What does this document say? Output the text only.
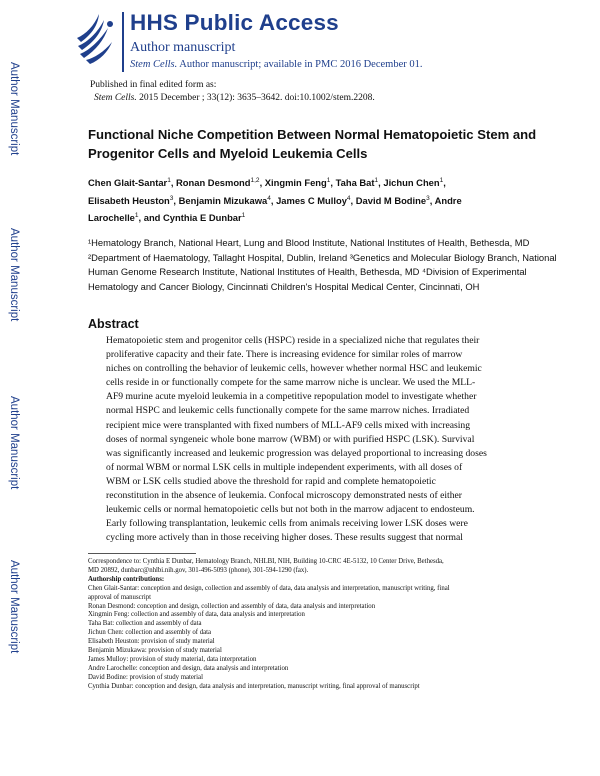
Author Manuscript
Author Manuscript
Author Manuscript
Author Manuscript
HHS Public Access
Author manuscript
Stem Cells. Author manuscript; available in PMC 2016 December 01.
Published in final edited form as:
Stem Cells. 2015 December ; 33(12): 3635–3642. doi:10.1002/stem.2208.
Functional Niche Competition Between Normal Hematopoietic Stem and Progenitor Cells and Myeloid Leukemia Cells
Chen Glait-Santar$^1$, Ronan Desmond$^{1,2}$, Xingmin Feng$^1$, Taha Bat$^1$, Jichun Chen$^1$,
Elisabeth Heuston$^3$, Benjamin Mizukawa$^4$, James C Mulloy$^4$, David M Bodine$^3$, Andre
Larochelle$^1$, and Cynthia E Dunbar$^1$
¹Hematology Branch, National Heart, Lung and Blood Institute, National Institutes of Health, Bethesda, MD ²Department of Haematology, Tallaght Hospital, Dublin, Ireland ³Genetics and Molecular Biology Branch, National Human Genome Research Institute, National Institutes of Health, Bethesda, MD ⁴Division of Experimental Hematology and Cancer Biology, Cincinnati Children's Hospital Medical Center, Cincinnati, OH
Abstract
Hematopoietic stem and progenitor cells (HSPC) reside in a specialized niche that regulates their
proliferative capacity and their fate. There is increasing evidence for similar roles of marrow
niches on controlling the behavior of leukemic cells, however whether normal HSC and leukemic
cells reside in or functionally compete for the same marrow niche is unclear. We used the MLL-
AF9 murine acute myeloid leukemia in a competitive repopulation model to investigate whether
normal HSPC and leukemic cells functionally compete for the same marrow niches. Irradiated
recipient mice were transplanted with fixed numbers of MLL-AF9 cells mixed with increasing
doses of normal syngeneic whole bone marrow (WBM) or with purified HSPC (LSK). Survival
was significantly increased and leukemic progression was delayed proportional to increasing doses
of normal WBM or normal LSK cells in multiple independent experiments, with all doses of
WBM or LSK cells studied above the threshold for rapid and complete hematopoietic
reconstitution in the absence of leukemia. Confocal microscopy demonstrated nests of either
leukemic cells or normal hematopoietic cells but not both in the marrow adjacent to endosteum.
Early following transplantation, leukemic cells from animals receiving lower LSK doses were
cycling more actively than in those receiving higher doses. These results suggest that normal
Correspondence to: Cynthia E Dunbar, Hematology Branch, NHLBI, NIH, Building 10-CRC 4E-5132, 10 Center Drive, Bethesda,
MD 20892, dunbarc@nhlbi.nih.gov, 301-496-5093 (phone), 301-594-1290 (fax).
Authorship contributions:
Chen Glait-Santar: conception and design, collection and assembly of data, data analysis and interpretation, manuscript writing, final
approval of manuscript
Ronan Desmond: conception and design, collection and assembly of data, data analysis and interpretation
Xingmin Feng: collection and assembly of data, data analysis and interpretation
Taha Bat: collection and assembly of data
Jichun Chen: collection and assembly of data
Elisabeth Heuston: provision of study material
Benjamin Mizukawa: provision of study material
James Mulloy: provision of study material, data interpretation
Andre Larochelle: conception and design, data analysis and interpretation
David Bodine: provision of study material
Cynthia Dunbar: conception and design, data analysis and interpretation, manuscript writing, final approval of manuscript
